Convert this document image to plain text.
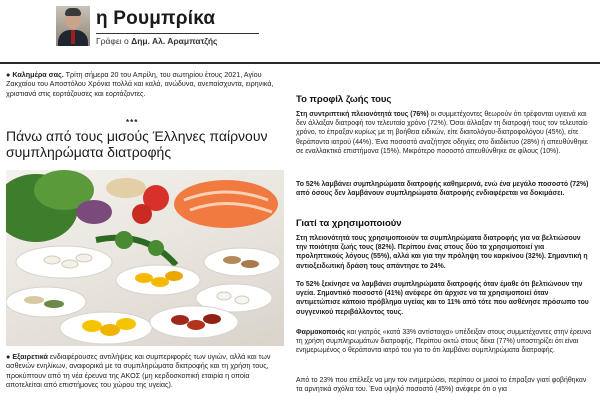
η Ρουμπρίκα
Γράφει ο Δημ. Αλ. Αραμπατζής
● Καλημέρα σας. Τρίτη σήμερα 20 του Απρίλη, του σωτηρίου έτους 2021, Αγίου Ζακχαίου του Αποστόλου Χρόνια πολλά και καλά, ανώδυνα, ανεπαίσχυντα, ειρηνικά, χριστιανά στις εορτάζουσες και εορτάζοντες.
***
Πάνω από τους μισούς Έλληνες παίρνουν συμπληρώματα διατροφής
● Εξαιρετικά ενδιαφέρουσες αντιλήψεις και συμπεριφορές των υγιών, αλλά και των ασθενών ενηλίκων, αναφορικά με τα συμπληρώματα διατροφής και τη χρήση τους, προκύπτουν από τη νέα έρευνα της ΑΚΟΣ (μη κερδοσκοπική εταιρία η οποία αποτελείται από επιστήμονες του χώρου της υγείας).
Το προφίλ ζωής τους
Στη συντριπτική πλειονότητά τους (76%) οι συμμετέχοντες θεωρούν ότι τρέφονται υγιεινά και δεν άλλαξαν διατροφή τον τελευταίο χρόνο (72%). Όσοι άλλαξαν τη διατροφή τους τον τελευταίο χρόνο, το έπραξαν κυρίως με τη βοήθεια ειδικών, είτε διαιτολόγου-διατροφολόγου (45%), είτε θεράποντα ιατρού (44%). Ένα ποσοστό αναζήτησε οδηγίες στο διαδίκτυο (28%) ή απευθύνθηκε σε εναλλακτικό επιστήμονα (15%). Μικρότερο ποσοστό απευθύνθηκε σε φίλους (10%).
Το 52% λαμβάνει συμπληρώματα διατροφής καθημερινά, ενώ ένα μεγάλο ποσοστό (72%) από όσους δεν λαμβάνουν συμπληρώματα διατροφής ενδιαφέρεται να δοκιμάσει.
Γιατί τα χρησιμοποιούν
Στη πλειονότητά τους χρησιμοποιούν τα συμπληρώματα διατροφής για να βελτιώσουν την ποιότητα ζωής τους (82%). Περίπου ένας στους δύο τα χρησιμοποιεί για προληπτικούς λόγους (55%), αλλά και για την πρόληψη του καρκίνου (32%). Σημαντική η αντιοξειδωτική δράση τους απάντησε το 24%.
Το 52% ξεκίνησε να λαμβάνει συμπληρώματα διατροφής όταν έμαθε ότι βελτιώνουν την υγεία. Σημαντικό ποσοστό (41%) ανέφερε ότι άρχισε να τα χρησιμοποιεί όταν αντιμετώπισε κάποιο πρόβλημα υγείας και το 11% από τότε που ασθένησε πρόσωπο του συγγενικού περιβάλλοντος τους.
Φαρμακοποιός και γιατρός «κατά 33% αντίστοιχα» υπέδειξαν στους συμμετέχοντες στην έρευνα τη χρήση συμπληρωμάτων διατροφής. Περίπου οκτώ στους δέκα (77%) υποστηρίζει ότι είναι ενημερωμένος ο θεράποντα ιατρό του για το ότι λαμβάνει συμπληρώματα διατροφής.
Από το 23% που επέλεξε να μην τον ενημερώσει, περίπου οι μισοί το έπραξαν γιατί φοβήθηκαν τα αρνητικά σχόλια του. Ένα υψηλό ποσοστό (45%) ανέφερε ότι ο για
